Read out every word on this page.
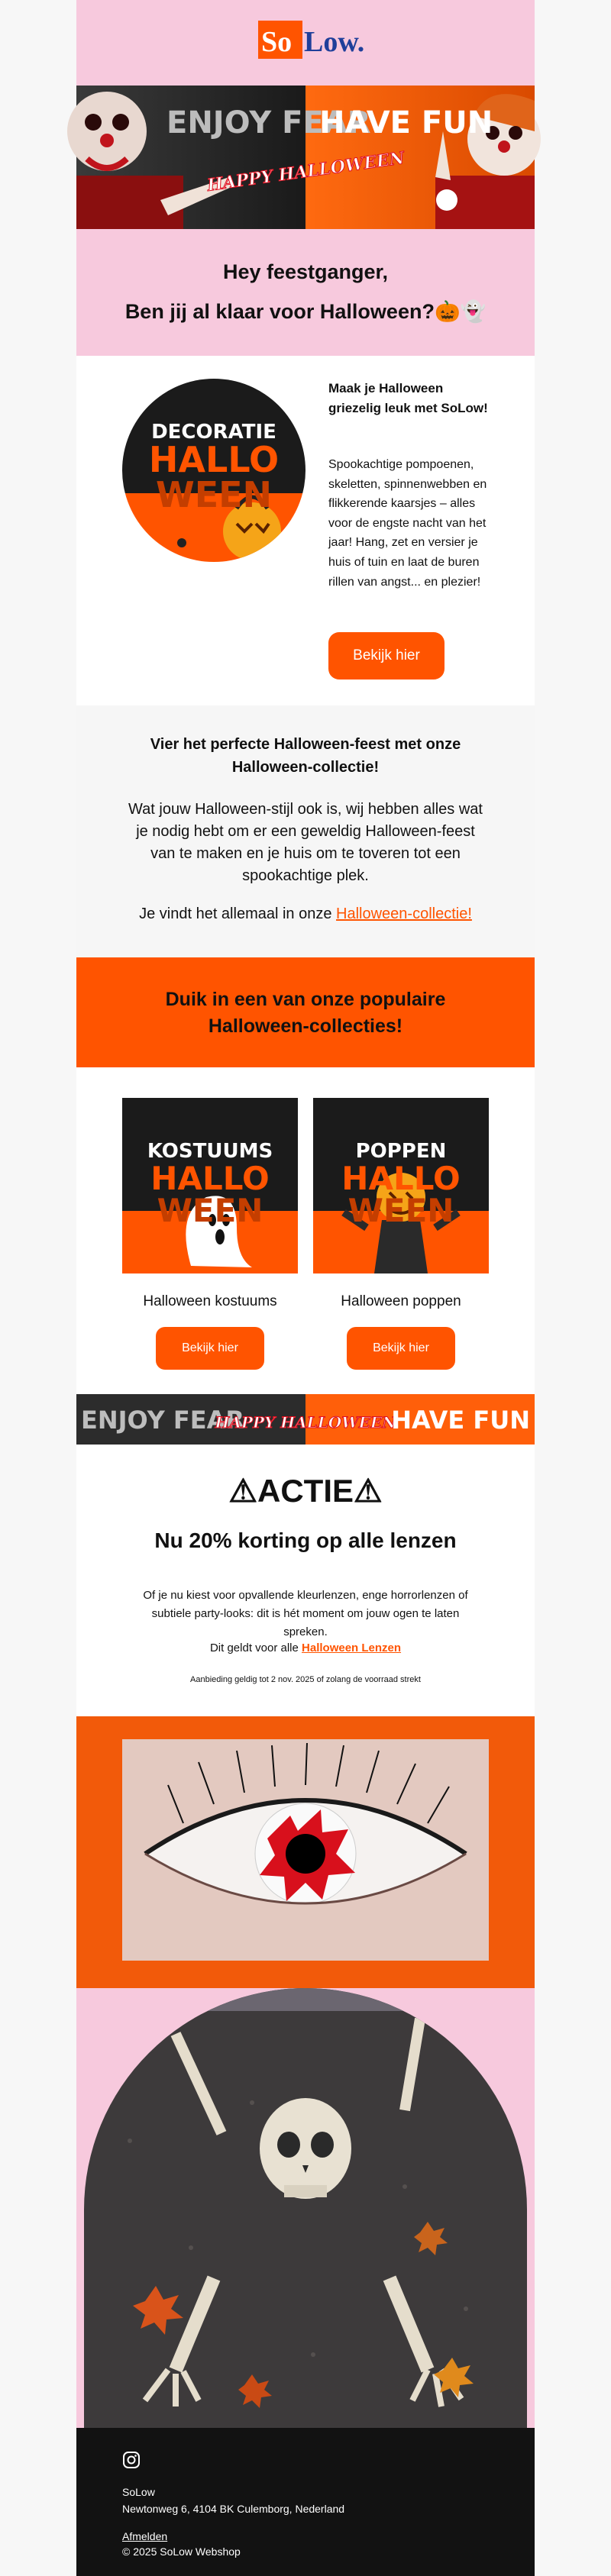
So Low.
ENJOY FEAR
HAVE FUN
HAPPY HALLOWEEN
Hey feestganger,
Ben jij al klaar voor Halloween?🎃👻
DECORATIE
HALLO
WEEN
Maak je Halloween griezelig leuk met SoLow!
Spookachtige pompoenen, skeletten, spinnenwebben en flikkerende kaarsjes – alles voor de engste nacht van het jaar! Hang, zet en versier je huis of tuin en laat de buren rillen van angst... en plezier!
Bekijk hier
Vier het perfecte Halloween-feest met onze Halloween-collectie!
Wat jouw Halloween-stijl ook is, wij hebben alles wat je nodig hebt om er een geweldig Halloween-feest van te maken en je huis om te toveren tot een spookachtige plek.
Je vindt het allemaal in onze Halloween-collectie!
Duik in een van onze populaire Halloween-collecties!
KOSTUUMS
HALLO
WEEN
POPPEN
HALLO
WEEN
Halloween kostuums	Halloween poppen
Bekijk hier	Bekijk hier
ENJOY FEAR
HAPPY HALLOWEEN
HAVE FUN
⚠ACTIE⚠
Nu 20% korting op alle lenzen
Of je nu kiest voor opvallende kleurlenzen, enge horrorlenzen of subtiele party-looks: dit is hét moment om jouw ogen te laten spreken.
Dit geldt voor alle Halloween Lenzen
Aanbieding geldig tot 2 nov. 2025 of zolang de voorraad strekt
SoLow
Newtonweg 6, 4104 BK Culemborg, Nederland
Afmelden
© 2025 SoLow Webshop
